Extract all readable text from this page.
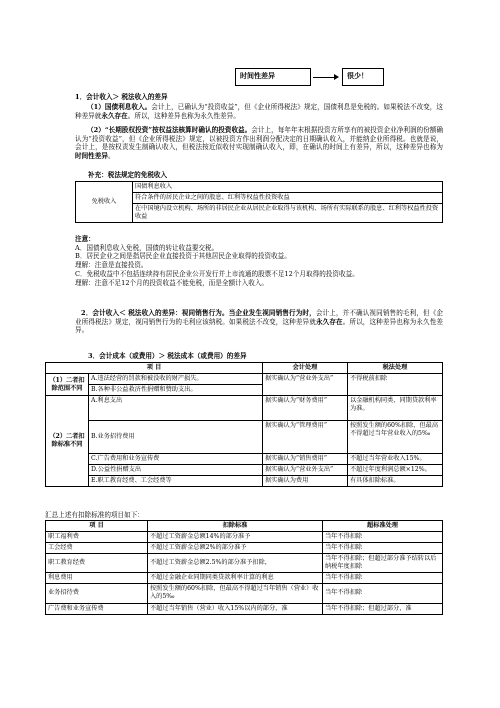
时间性差异	很少！
1．会计收入＞ 税法收入的差异
（1）国债利息收入。会计上，已确认为“投资收益”，但《企业所得税法》规定，国债利息是免税的。如果税法不改变，这种差异就永久存在。所以，这种差异也称为永久性差异。
（2）“长期股权投资”按权益法核算时确认的投资收益。会计上，每年年末根据投资方所享有的被投资企业净利润的份额确认为“投资收益”，但《企业所得税法》规定，以被投资方作出利润分配决定的日期确认收入，并能纳企业所得税。也就是说，会计上，是按权责发生制确认收入，但税法按近似收付实现制确认收入，即，在确认的时间上有差异，所以，这种差异也称为时间性差异。
补充：税法规定的免税收入
免税收入	国债利息收入
符合条件的居民企业之间的股息、红利等权益性投资收益
在中国境内设立机构、场所的非居民企业从居民企业取得与该机构、场所有实际联系的股息、红利等权益性投资收益

注意：

A．国债利息收入免税，国债的转让收益要交税。

B．居民企业之间是指居民企业直接投资于其他居民企业取得的投资收益。

理解：注意是直接投资。

C．免税收益中不包括连续持有居民企业公开发行并上市流通的股票不足12个月取得的投资收益。

理解：注意不足12个月的投资收益不能免税，而是全额计入收入。

2．会计收入＜ 税法收入的差异：视同销售行为。当企业发生视同销售行为时，会计上，并不确认视同销售的毛利，但《企业所得税法》规定，视同销售行为的毛利应该纳税。如果税法不改变，这种差异就永久存在。所以，这种差异也称为永久性差异。
3．会计成本（或费用）＞ 税法成本（或费用）的差异
项 目		会计处理	税法处理
（1）二者扣除范围不同	A.违法经营的罚款和被没收的财产损失。	据实确认为“营业外支出”	不得税前扣除
	B.各种非公益救济性捐赠和赞助支出。		
（2）二者扣除标准不同	A.利息支出	据实确认为“财务费用”	以金融机构同类、同期贷款利率为准。
	B.业务招待费用	据实确认为“管理费用”	按照发生额的60%扣除，但最高不得超过当年营业收入的5‰
	C.广告费用和业务宣传费	据实确认为“销售费用”	不超过当年营业收入15%。
	D.公益性捐赠支出	据实确认为“营业外支出”	不超过年度利润总额×12%。
	E.职工教育经费、工会经费等	据实确认为费用	有具体扣除标准。
汇总上述有扣除标准的项目如下：
项 目	扣除标准	超标准处理
职工福利费	不超过工资薪金总额14%的部分准予	当年不得扣除
工会经费	不超过工资薪金总额2%的部分准予	当年不得扣除
职工教育经费	不超过工资薪金总额2.5%的部分准予扣除，	当年不得扣除；但超过部分准予结转以后纳税年度扣除
利息费用	不超过金融企业同期同类贷款利率计算的利息	当年不得扣除
业务招待费	按照发生额的60%扣除，但最高不得超过当年销售（营业）收入的5‰	当年不得扣除
广告费和业务宣传费	不超过当年销售（营业）收入15%以内的部分，准	当年不得扣除；但超过部分，准
